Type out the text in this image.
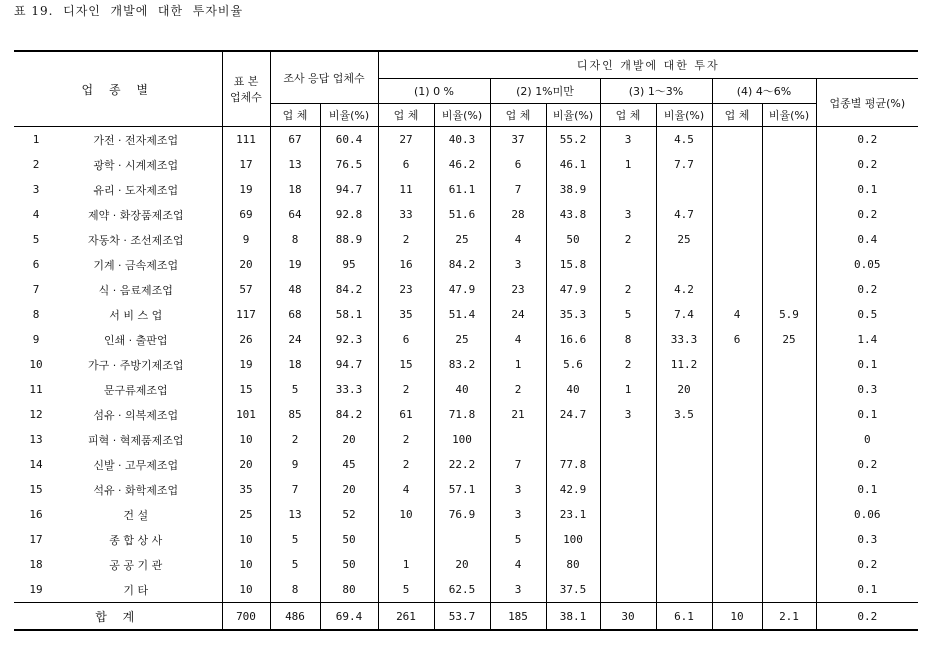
표 19.  디자인  개발에  대한  투자비율
업 종 별		표 본
업체수	조사 응답 업체수		디자인 개발에 대한 투자								
					(1) 0 %		(2) 1%미만		(3) 1～3%		(4) 4～6%		업종별 평균(%)
			업 체	비율(%)	업 체	비율(%)	업 체	비율(%)	업 체	비율(%)	업 체	비율(%)	

1	가전 · 전자제조업	111	67	60.4	27	40.3	37	55.2	3	4.5			0.2
2	광학 · 시계제조업	17	13	76.5	6	46.2	6	46.1	1	7.7			0.2
3	유리 · 도자제조업	19	18	94.7	11	61.1	7	38.9					0.1
4	제약 · 화장품제조업	69	64	92.8	33	51.6	28	43.8	3	4.7			0.2
5	자동차 · 조선제조업	9	8	88.9	2	25	4	50	2	25			0.4
6	기계 · 금속제조업	20	19	95	16	84.2	3	15.8					0.05
7	식 · 음료제조업	57	48	84.2	23	47.9	23	47.9	2	4.2			0.2
8	서 비 스 업	117	68	58.1	35	51.4	24	35.3	5	7.4	4	5.9	0.5
9	인쇄 · 출판업	26	24	92.3	6	25	4	16.6	8	33.3	6	25	1.4
10	가구 · 주방기제조업	19	18	94.7	15	83.2	1	5.6	2	11.2			0.1
11	문구류제조업	15	5	33.3	2	40	2	40	1	20			0.3
12	섬유 · 의복제조업	101	85	84.2	61	71.8	21	24.7	3	3.5			0.1
13	피혁 · 혁제품제조업	10	2	20	2	100							0
14	신발 · 고무제조업	20	9	45	2	22.2	7	77.8					0.2
15	석유 · 화학제조업	35	7	20	4	57.1	3	42.9					0.1
16	건 설	25	13	52	10	76.9	3	23.1					0.06
17	종 합 상 사	10	5	50			5	100					0.3
18	공 공 기 관	10	5	50	1	20	4	80					0.2
19	기 타	10	8	80	5	62.5	3	37.5					0.1
합 계		700	486	69.4	261	53.7	185	38.1	30	6.1	10	2.1	0.2
